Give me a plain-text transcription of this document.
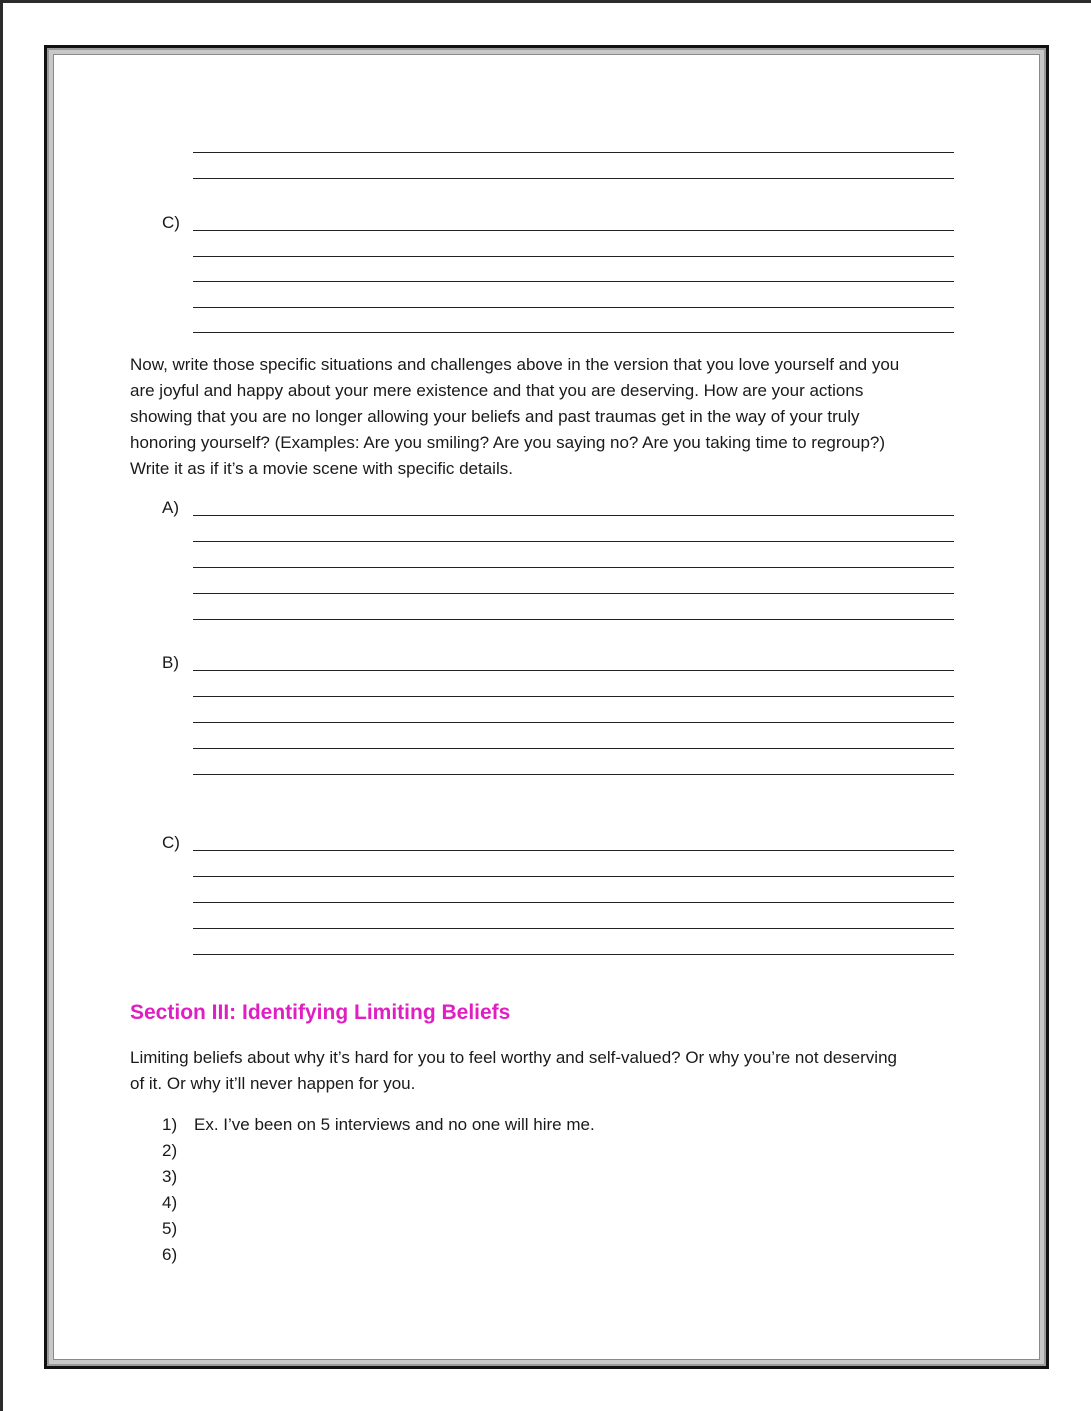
C)
Now, write those specific situations and challenges above in the version that you love yourself and you
are joyful and happy about your mere existence and that you are deserving. How are your actions
showing that you are no longer allowing your beliefs and past traumas get in the way of your truly
honoring yourself? (Examples: Are you smiling? Are you saying no? Are you taking time to regroup?)
Write it as if it’s a movie scene with specific details.
A)
B)
C)
Section III: Identifying Limiting Beliefs
Limiting beliefs about why it’s hard for you to feel worthy and self-valued? Or why you’re not deserving
of it. Or why it’ll never happen for you.
1) Ex. I’ve been on 5 interviews and no one will hire me.
2)
3)
4)
5)
6)
